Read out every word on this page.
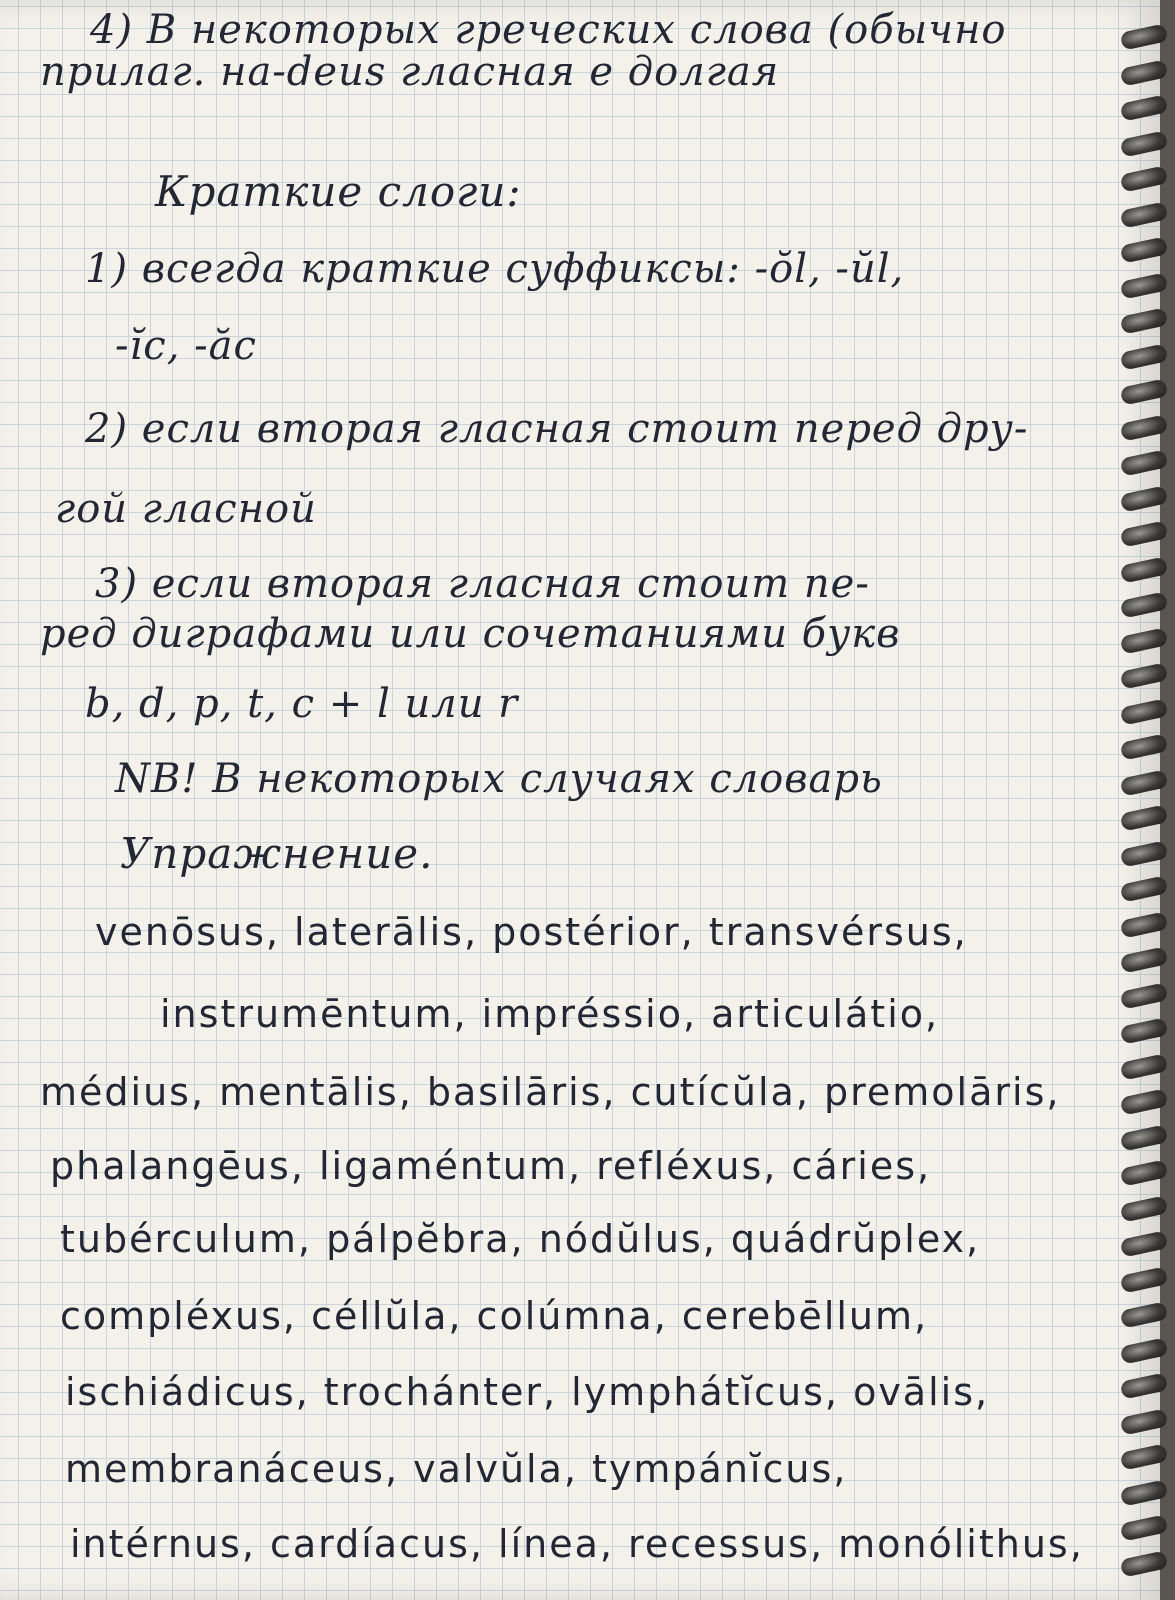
4) В некоторых греческих слова (обычно
прилаг. на-deus гласная е долгая
Краткие слоги:
1) всегда краткие суффиксы: -ŏl, -ŭl,
-ĭc, -ăc
2) если вторая гласная стоит перед дру-
гой гласной
3) если вторая гласная стоит пе-
ред диграфами или сочетаниями букв
b, d, p, t, c + l или r
NB! В некоторых случаях словарь
Упражнение.
venōsus, laterālis, postérior, transvérsus,
instrumēntum, impréssio, articulátio,
médius, mentālis, basilāris, cutícŭla, premolāris,
phalangēus, ligaméntum, refléxus, cáries,
tubérculum, pálpĕbra, nódŭlus, quádrŭplex,
compléxus, céllŭla, colúmna, cerebēllum,
ischiádicus, trochánter, lymphátĭcus, ovālis,
membranáceus, valvŭla, tympánĭcus,
intérnus, cardíacus, línea, recessus, monólithus,
